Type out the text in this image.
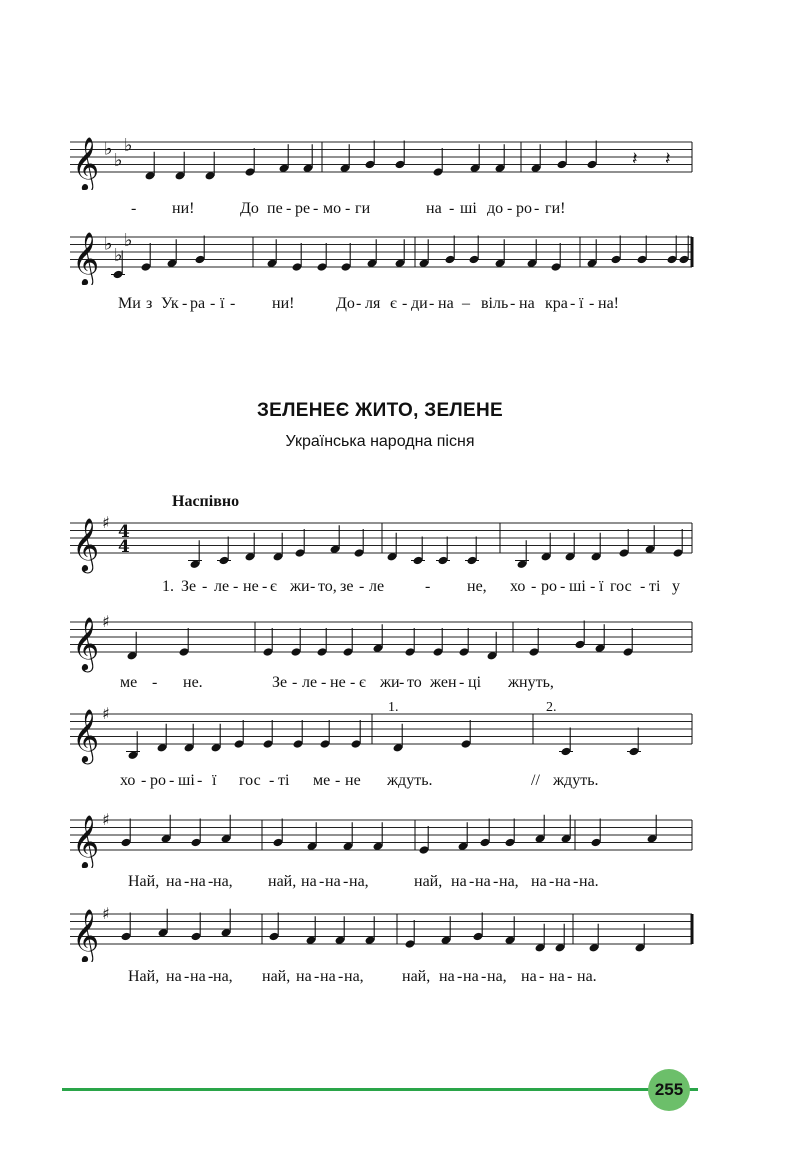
𝄞 ♭
♭
♭
𝄽 𝄽
- ни!	До пе - ре - мо - ги	на - ші до - ро - ги!
𝄞 ♭
♭
♭
Ми з Ук - ра - ї - ни!	До - ля є - ди - на – віль - на кра - ї - на!
ЗЕЛЕНЕЄ ЖИТО, ЗЕЛЕНЕ
Українська народна пісня
Наспівно
𝄞 ♯ 4
4
1. Зе - ле - не - є жи - то, зе - ле	- не, хо - ро - ші - ї гос - ті у
𝄞 ♯
ме - не.	Зе - ле - не - є жи - то жен - ці жнуть,
𝄞 ♯	1.	2.
хо - ро - ші - ї гос - ті ме - не ждуть.	// ждуть.
𝄞 ♯
Най, на - на - на, най, на - на - на,	най, на - на - на, на - на - на.
𝄞 ♯
Най, на - на - на, най, на - на - на, най, на - на - на, на - на - на.
255
